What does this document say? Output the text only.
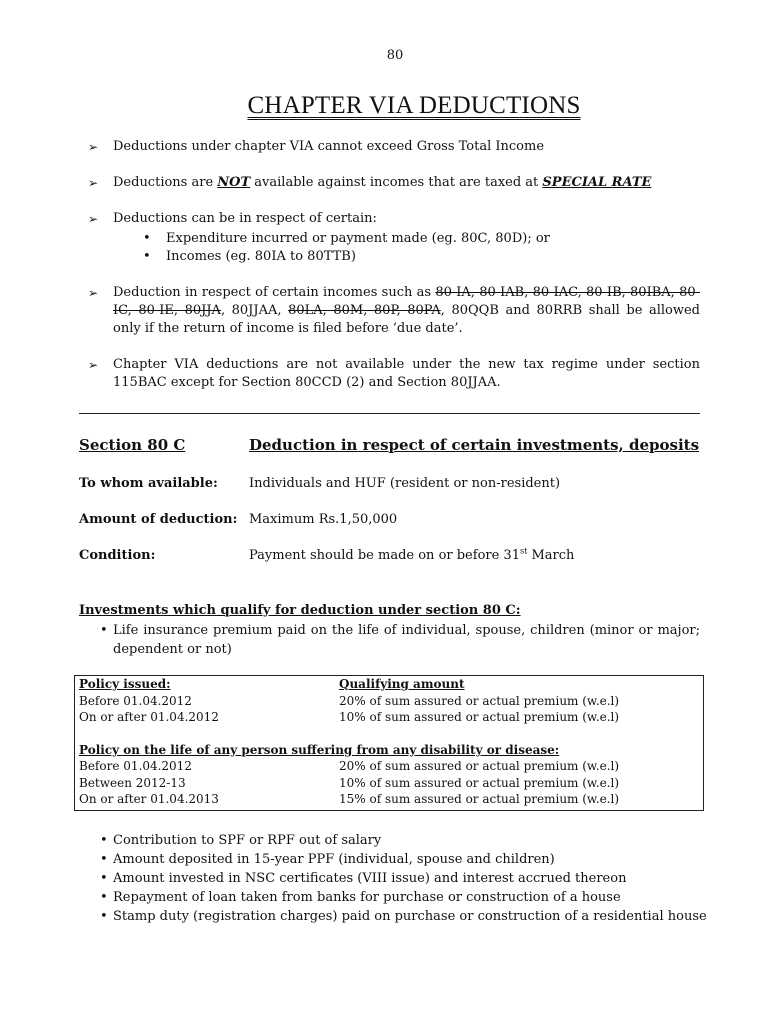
80
CHAPTER VIA DEDUCTIONS
➢ Deductions under chapter VIA cannot exceed Gross Total Income
➢ Deductions are NOT available against incomes that are taxed at SPECIAL RATE
➢ Deductions can be in respect of certain:
• Expenditure incurred or payment made (eg. 80C, 80D); or
• Incomes (eg. 80IA to 80TTB)
➢ Deduction in respect of certain incomes such as 80-IA, 80-IAB, 80-IAC, 80-IB, 80IBA, 80-IC, 80-IE, 80JJA, 80JJAA, 80LA, 80M, 80P, 80PA, 80QQB and 80RRB shall be allowed only if the return of income is filed before ‘due date’.
➢ Chapter VIA deductions are not available under the new tax regime under section 115BAC except for Section 80CCD (2) and Section 80JJAA.
Section 80 C	Deduction in respect of certain investments, deposits
To whom available: Individuals and HUF (resident or non-resident)
Amount of deduction: Maximum Rs.1,50,000
Condition:	Payment should be made on or before 31st March
Investments which qualify for deduction under section 80 C:
• Life insurance premium paid on the life of individual, spouse, children (minor or major; dependent or not)
Policy issued:	Qualifying amount
Before 01.04.2012	20% of sum assured or actual premium (w.e.l)
On or after 01.04.2012	10% of sum assured or actual premium (w.e.l)
Policy on the life of any person suffering from any disability or disease:
Before 01.04.2012	20% of sum assured or actual premium (w.e.l)
Between 2012-13	10% of sum assured or actual premium (w.e.l)
On or after 01.04.2013	15% of sum assured or actual premium (w.e.l)
• Contribution to SPF or RPF out of salary
• Amount deposited in 15-year PPF (individual, spouse and children)
• Amount invested in NSC certificates (VIII issue) and interest accrued thereon
• Repayment of loan taken from banks for purchase or construction of a house
• Stamp duty (registration charges) paid on purchase or construction of a residential house
